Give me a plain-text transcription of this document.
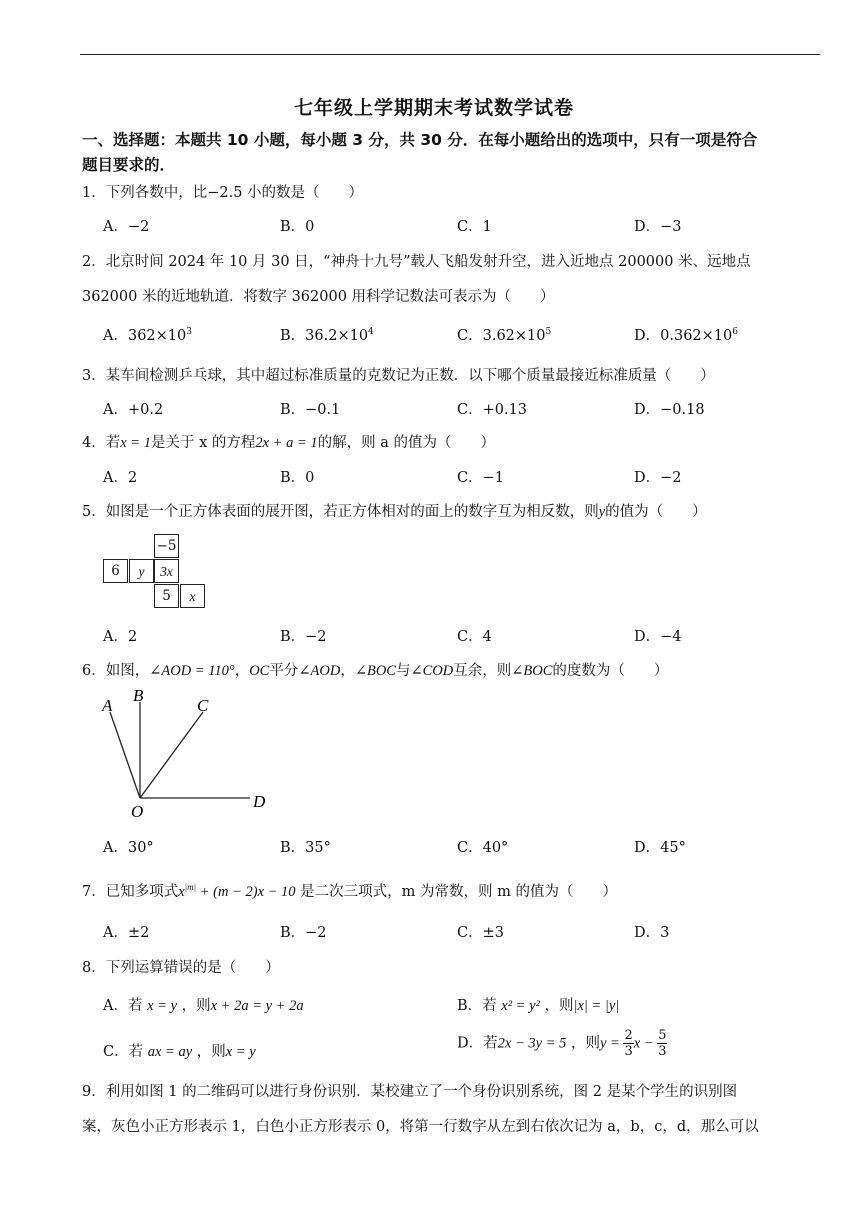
七年级上学期期末考试数学试卷
一、选择题：本题共 10 小题，每小题 3 分，共 30 分．在每小题给出的选项中，只有一项是符合
题目要求的．
1．下列各数中，比−2.5 小的数是（　　）
A．−2	B．0	C．1	D．−3
2．北京时间 2024 年 10 月 30 日，“神舟十九号”载人飞船发射升空，进入近地点 200000 米、远地点
362000 米的近地轨道．将数字 362000 用科学记数法可表示为（　　）
A．$362\times 10^3$	B．$36.2\times 10^4$	C．$3.62\times 10^5$	D．$0.362\times 10^6$
3．某车间检测乒乓球，其中超过标准质量的克数记为正数．以下哪个质量最接近标准质量（　　）
A．+0.2	B．−0.1	C．+0.13	D．−0.18
4．若x = 1是关于 x 的方程2x + a = 1的解，则 a 的值为（　　）
A．2	B．0	C．−1	D．−2
5．如图是一个正方体表面的展开图，若正方体相对的面上的数字互为相反数，则y的值为（　　）
−5
6	y	3x
5	x
A．2	B．−2	C．4	D．−4
6．如图，∠AOD = 110°，OC平分∠AOD，∠BOC与∠COD互余，则∠BOC的度数为（　　）
A
B
C
O
D
A．30°	B．35°	C．40°	D．45°
7．已知多项式$x^{|m|} + (m - 2)x - 10$ 是二次三项式，m 为常数，则 m 的值为（　　）
A．±2	B．−2	C．±3	D．3
8．下列运算错误的是（　　）
A．若 x = y ，则x + 2a = y + 2a	B．若 x² = y² ，则|x| = |y|
C．若 ax = ay ，则x = y
D．若2x − 3y = 5 ，则$y = \frac{2}{3}$ $x - \frac{5}{3}$
9．利用如图 1 的二维码可以进行身份识别．某校建立了一个身份识别系统，图 2 是某个学生的识别图
案，灰色小正方形表示 1，白色小正方形表示 0，将第一行数字从左到右依次记为 a，b，c，d，那么可以
